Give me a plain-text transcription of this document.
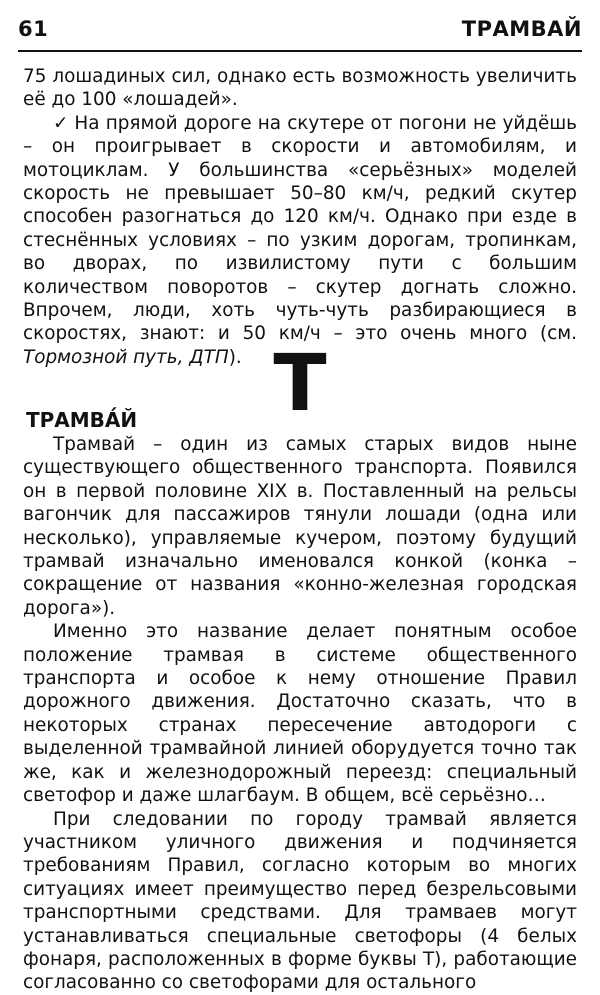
61	ТРАМВАЙ

75 лошадиных сил, однако есть возможность увеличить её до 100 «лошадей».

✓ На прямой дороге на скутере от погони не уйдёшь – он проигрывает в скорости и автомобилям, и мотоциклам. У большинства «серьёзных» моделей скорость не превышает 50–80 км/ч, редкий скутер способен разогнаться до 120 км/ч. Однако при езде в стеснённых условиях – по узким дорогам, тропинкам, во дворах, по извилистому пути с большим количеством поворотов – скутер догнать сложно. Впрочем, люди, хоть чуть-чуть разбирающиеся в скоростях, знают: и 50 км/ч – это очень много (см. Тормозной путь, ДТП). Т
ТРАМВА́Й

Трамвай – один из самых старых видов ныне существующего общественного транспорта. Появился он в первой половине XIX в. Поставленный на рельсы вагончик для пассажиров тянули лошади (одна или несколько), управляемые кучером, поэтому будущий трамвай изначально именовался конкой (конка – сокращение от названия «конно-железная городская дорога»).

Именно это название делает понятным особое положение трамвая в системе общественного транспорта и особое к нему отношение Правил дорожного движения. Достаточно сказать, что в некоторых странах пересечение автодороги с выделенной трамвайной линией оборудуется точно так же, как и железнодорожный переезд: специальный светофор и даже шлагбаум. В общем, всё серьёзно…

При следовании по городу трамвай является участником уличного движения и подчиняется требованиям Правил, согласно которым во многих ситуациях имеет преимущество перед безрельсовыми транспортными средствами. Для трамваев могут устанавливаться специальные светофоры (4 белых фонаря, расположенных в форме буквы Т), работающие согласованно со светофорами для остального
